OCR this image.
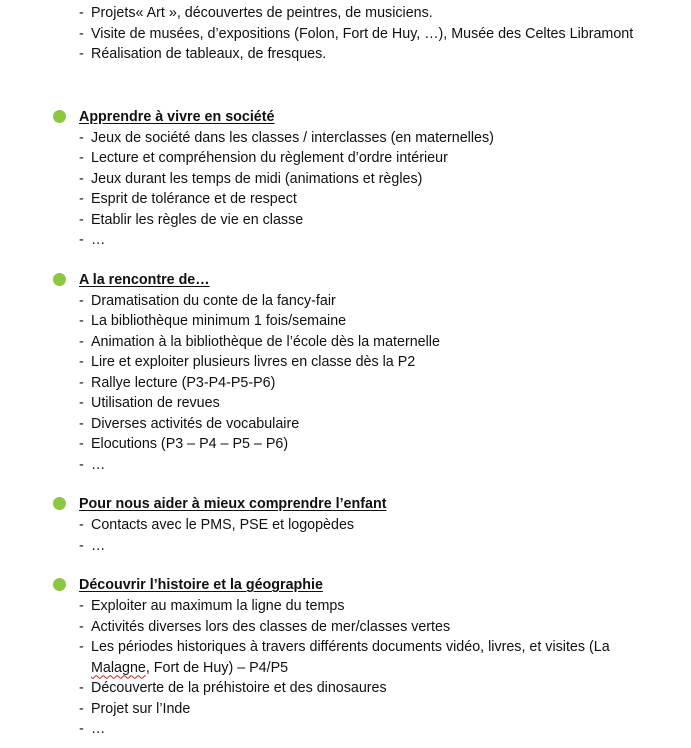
- Projets« Art », découvertes de peintres, de musiciens.
- Visite de musées, d’expositions (Folon, Fort de Huy, …), Musée des Celtes Libramont
- Réalisation de tableaux, de fresques.
Apprendre à vivre en société
- Jeux de société dans les classes / interclasses (en maternelles)
- Lecture et compréhension du règlement d’ordre intérieur
- Jeux durant les temps de midi (animations et règles)
- Esprit de tolérance et de respect
- Etablir les règles de vie en classe
- …
A la rencontre de…
- Dramatisation du conte de la fancy-fair
- La bibliothèque minimum 1 fois/semaine
- Animation à la bibliothèque de l’école dès la maternelle
- Lire et exploiter plusieurs livres en classe dès la P2
- Rallye lecture (P3-P4-P5-P6)
- Utilisation de revues
- Diverses activités de vocabulaire
- Elocutions (P3 – P4 – P5 – P6)
- …
Pour nous aider à mieux comprendre l’enfant
- Contacts avec le PMS, PSE et logopèdes
- …
Découvrir l’histoire et la géographie
- Exploiter au maximum la ligne du temps
- Activités diverses lors des classes de mer/classes vertes
- Les périodes historiques à travers différents documents vidéo, livres, et visites (La Malagne, Fort de Huy) – P4/P5
- Découverte de la préhistoire et des dinosaures
- Projet sur l’Inde
- …
